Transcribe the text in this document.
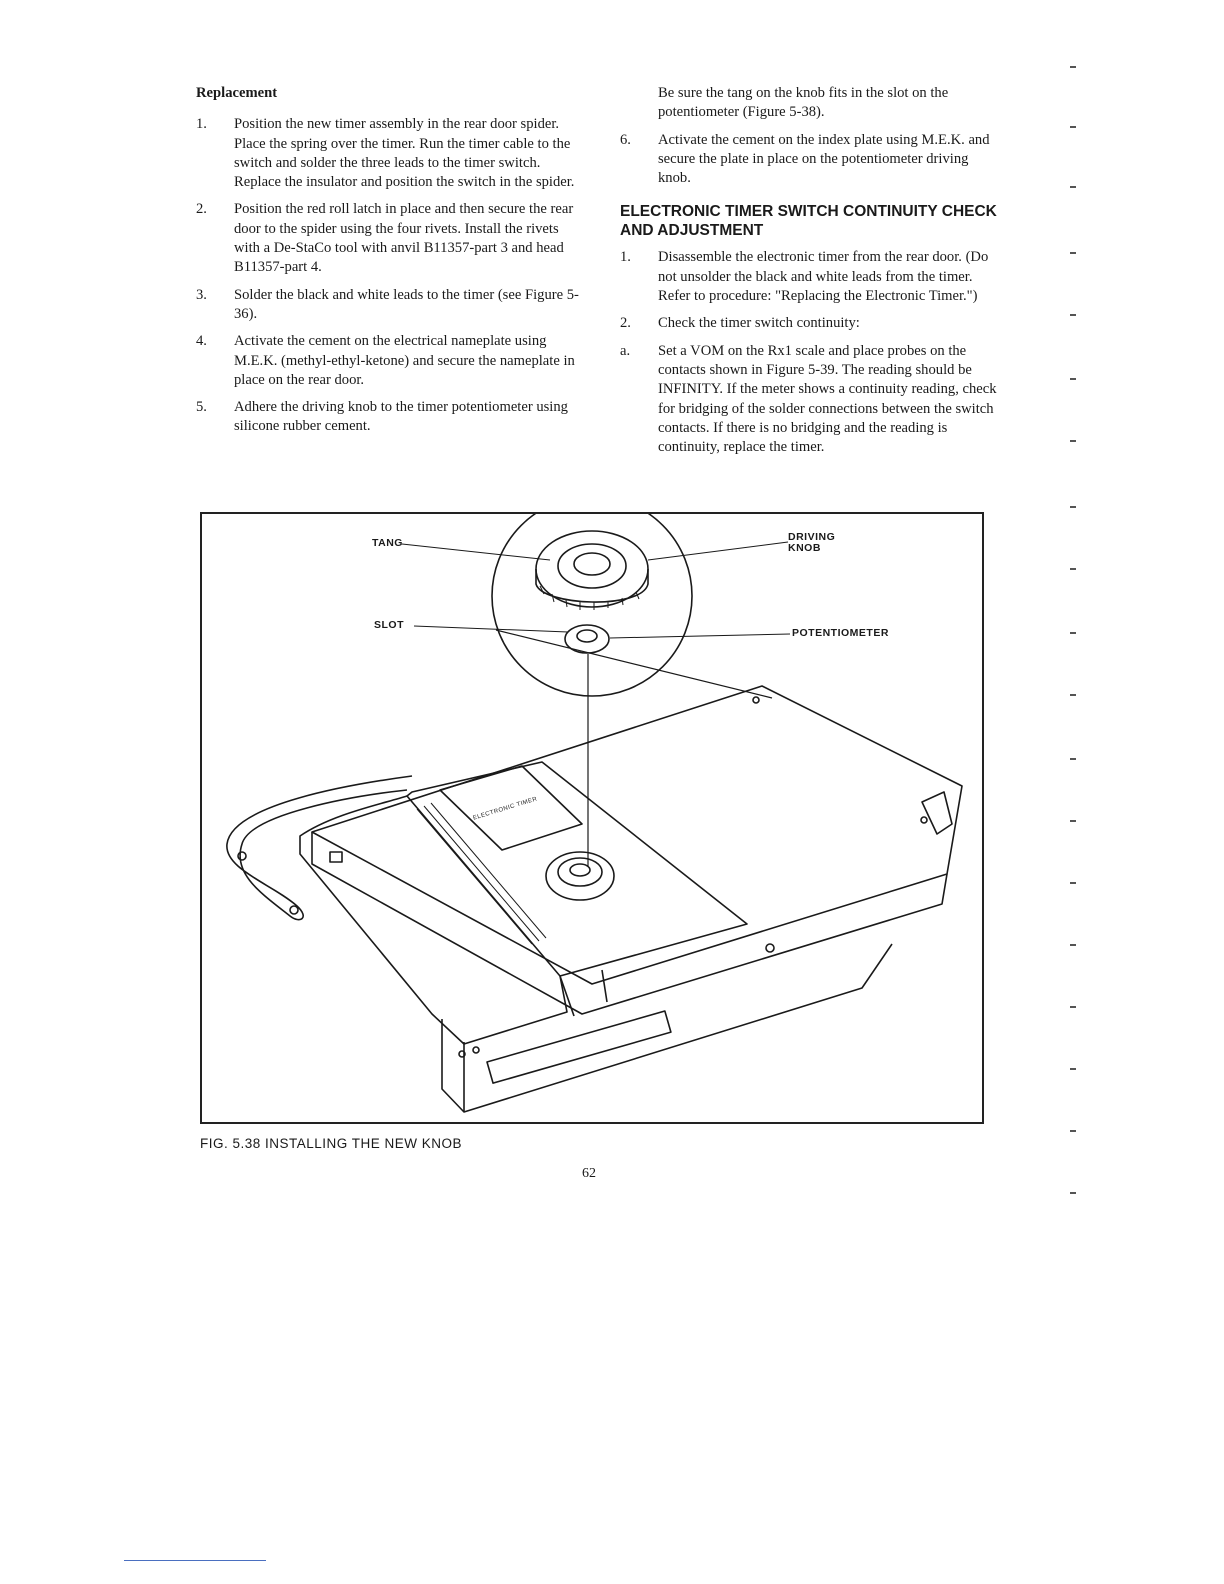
Replacement
1.	Position the new timer assembly in the rear door spider. Place the spring over the timer. Run the timer cable to the switch and solder the three leads to the timer switch. Replace the insulator and position the switch in the spider.
2.	Position the red roll latch in place and then secure the rear door to the spider using the four rivets. Install the rivets with a De-StaCo tool with anvil B11357-part 3 and head B11357-part 4.
3.	Solder the black and white leads to the timer (see Figure 5-36).
4.	Activate the cement on the electrical nameplate using M.E.K. (methyl-ethyl-ketone) and secure the nameplate in place on the rear door.
5.	Adhere the driving knob to the timer potentiometer using silicone rubber cement.
Be sure the tang on the knob fits in the slot on the potentiometer (Figure 5-38).
6.	Activate the cement on the index plate using M.E.K. and secure the plate in place on the potentiometer driving knob.
ELECTRONIC TIMER SWITCH CONTINUITY CHECK AND ADJUSTMENT
1.	Disassemble the electronic timer from the rear door. (Do not unsolder the black and white leads from the timer. Refer to procedure: "Replacing the Electronic Timer.")
2.	Check the timer switch continuity:
a.	Set a VOM on the Rx1 scale and place probes on the contacts shown in Figure 5-39. The reading should be INFINITY. If the meter shows a continuity reading, check for bridging of the solder connections between the switch contacts. If there is no bridging and the reading is continuity, replace the timer.
TANG
SLOT
DRIVING KNOB
POTENTIOMETER
ELECTRONIC TIMER
FIG. 5.38 INSTALLING THE NEW KNOB
62
